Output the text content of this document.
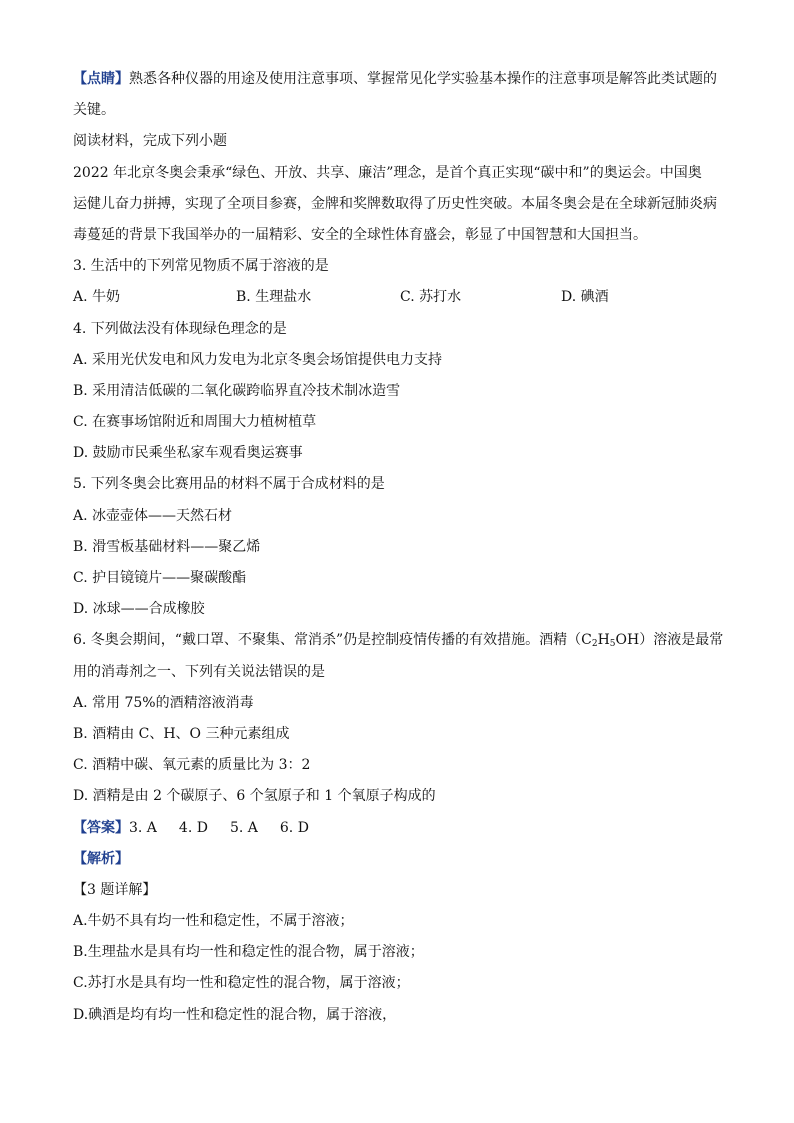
【点睛】熟悉各种仪器的用途及使用注意事项、掌握常见化学实验基本操作的注意事项是解答此类试题的
关键。
阅读材料，完成下列小题
2022 年北京冬奥会秉承“绿色、开放、共享、廉洁”理念，是首个真正实现“碳中和”的奥运会。中国奥
运健儿奋力拼搏，实现了全项目参赛，金牌和奖牌数取得了历史性突破。本届冬奥会是在全球新冠肺炎病
毒蔓延的背景下我国举办的一届精彩、安全的全球性体育盛会，彰显了中国智慧和大国担当。
3. 生活中的下列常见物质不属于溶液的是
A. 牛奶	B. 生理盐水	C. 苏打水	D. 碘酒
4. 下列做法没有体现绿色理念的是
A. 采用光伏发电和风力发电为北京冬奥会场馆提供电力支持
B. 采用清洁低碳的二氧化碳跨临界直冷技术制冰造雪
C. 在赛事场馆附近和周围大力植树植草
D. 鼓励市民乘坐私家车观看奥运赛事
5. 下列冬奥会比赛用品的材料不属于合成材料的是
A. 冰壶壶体——天然石材
B. 滑雪板基础材料——聚乙烯
C. 护目镜镜片——聚碳酸酯
D. 冰球——合成橡胶
6. 冬奥会期间，“戴口罩、不聚集、常消杀”仍是控制疫情传播的有效措施。酒精$(C_2H_5OH)$溶液是最常
用的消毒剂之一、下列有关说法错误的是
A. 常用 75%的酒精溶液消毒
B. 酒精由 C、H、O 三种元素组成
C. 酒精中碳、氧元素的质量比为 3：2
D. 酒精是由 2 个碳原子、6 个氢原子和 1 个氧原子构成的
【答案】3. A 4. D 5. A 6. D
【解析】
【3 题详解】
A.牛奶不具有均一性和稳定性，不属于溶液；
B.生理盐水是具有均一性和稳定性的混合物，属于溶液；
C.苏打水是具有均一性和稳定性的混合物，属于溶液；
D.碘酒是均有均一性和稳定性的混合物，属于溶液，
